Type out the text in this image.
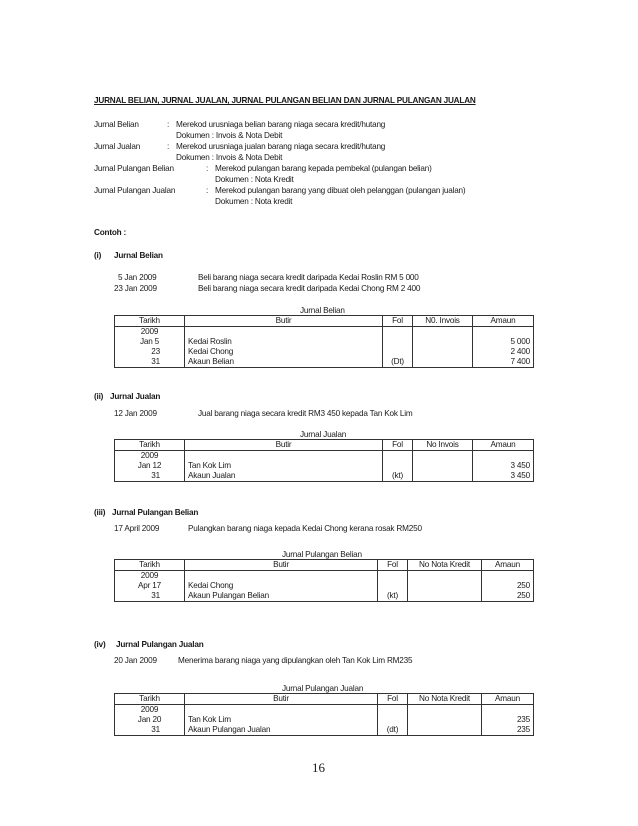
JURNAL BELIAN, JURNAL JUALAN, JURNAL PULANGAN BELIAN DAN JURNAL PULANGAN JUALAN
Jurnal Belian	: Merekod urusniaga belian barang niaga secara kredit/hutang
Dokumen : Invois & Nota Debit
Jurnal Jualan	: Merekod urusniaga jualan barang niaga secara kredit/hutang
Dokumen : Invois & Nota Debit
Jurnal Pulangan Belian	: Merekod pulangan barang kepada pembekal (pulangan belian)
Dokumen : Nota Kredit
Jurnal Pulangan Jualan	: Merekod pulangan barang yang dibuat oleh pelanggan (pulangan jualan)
Dokumen : Nota kredit
Contoh :
(i) Jurnal Belian
5 Jan 2009	Beli barang niaga secara kredit daripada Kedai Roslin RM 5 000
23 Jan 2009	Beli barang niaga secara kredit daripada Kedai Chong RM 2 400
Jurnal Belian
Tarikh	Butir	Fol	N0. Invois	Amaun
2009				
Jan 5	Kedai Roslin			5 000
23	Kedai Chong			2 400
31	Akaun Belian	(Dt)		7 400
(ii) Jurnal Jualan
12 Jan 2009	Jual barang niaga secara kredit RM3 450 kepada Tan Kok Lim
Jurnal Jualan
Tarikh	Butir	Fol	No Invois	Amaun
2009				
Jan 12	Tan Kok Lim			3 450
31	Akaun Jualan	(kt)		3 450
(iii) Jurnal Pulangan Belian
17 April 2009	Pulangkan barang niaga kepada Kedai Chong kerana rosak RM250
Jurnal Pulangan Belian
Tarikh	Butir	Fol	No Nota Kredit	Amaun
2009				
Apr 17	Kedai Chong			250
31	Akaun Pulangan Belian	(kt)		250
(iv) Jurnal Pulangan Jualan
20 Jan 2009	Menerima barang niaga yang dipulangkan oleh Tan Kok Lim RM235
Jurnal Pulangan Jualan
Tarikh	Butir	Fol	No Nota Kredit	Amaun
2009				
Jan 20	Tan Kok Lim			235
31	Akaun Pulangan Jualan	(dt)		235
16
